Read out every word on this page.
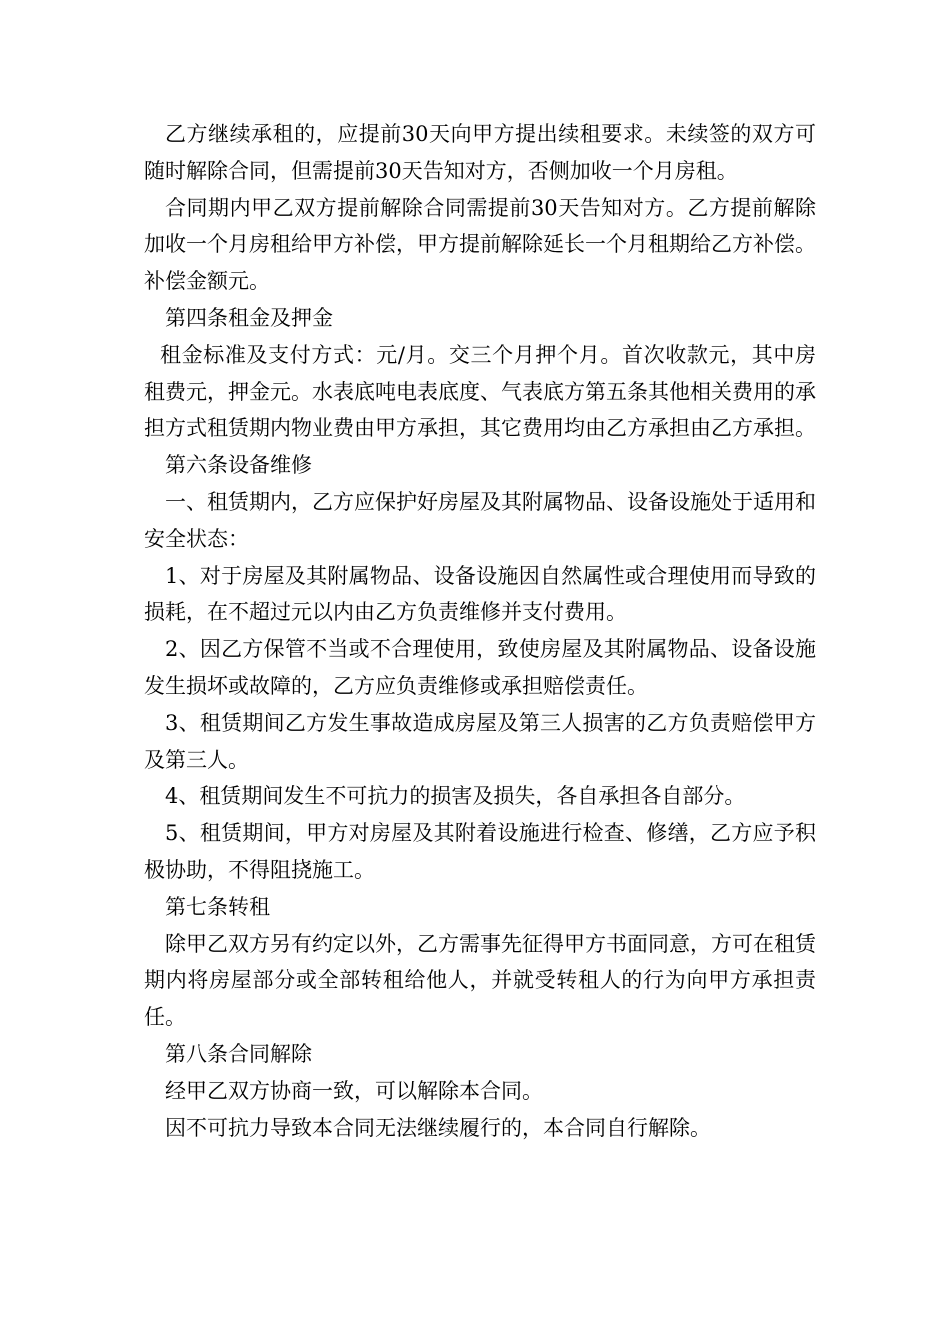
乙方继续承租的，应提前30天向甲方提出续租要求。未续签的双方可随时解除合同，但需提前30天告知对方，否侧加收一个月房租。

合同期内甲乙双方提前解除合同需提前30天告知对方。乙方提前解除加收一个月房租给甲方补偿，甲方提前解除延长一个月租期给乙方补偿。补偿金额元。

第四条租金及押金

租金标准及支付方式：元/月。交三个月押个月。首次收款元，其中房租费元，押金元。水表底吨电表底度、气表底方第五条其他相关费用的承担方式租赁期内物业费由甲方承担，其它费用均由乙方承担由乙方承担。

第六条设备维修

一、租赁期内，乙方应保护好房屋及其附属物品、设备设施处于适用和安全状态：

1、对于房屋及其附属物品、设备设施因自然属性或合理使用而导致的损耗，在不超过元以内由乙方负责维修并支付费用。

2、因乙方保管不当或不合理使用，致使房屋及其附属物品、设备设施发生损坏或故障的，乙方应负责维修或承担赔偿责任。

3、租赁期间乙方发生事故造成房屋及第三人损害的乙方负责赔偿甲方及第三人。

4、租赁期间发生不可抗力的损害及损失，各自承担各自部分。

5、租赁期间，甲方对房屋及其附着设施进行检查、修缮，乙方应予积极协助，不得阻挠施工。

第七条转租

除甲乙双方另有约定以外，乙方需事先征得甲方书面同意，方可在租赁期内将房屋部分或全部转租给他人，并就受转租人的行为向甲方承担责任。

第八条合同解除

经甲乙双方协商一致，可以解除本合同。

因不可抗力导致本合同无法继续履行的，本合同自行解除。
